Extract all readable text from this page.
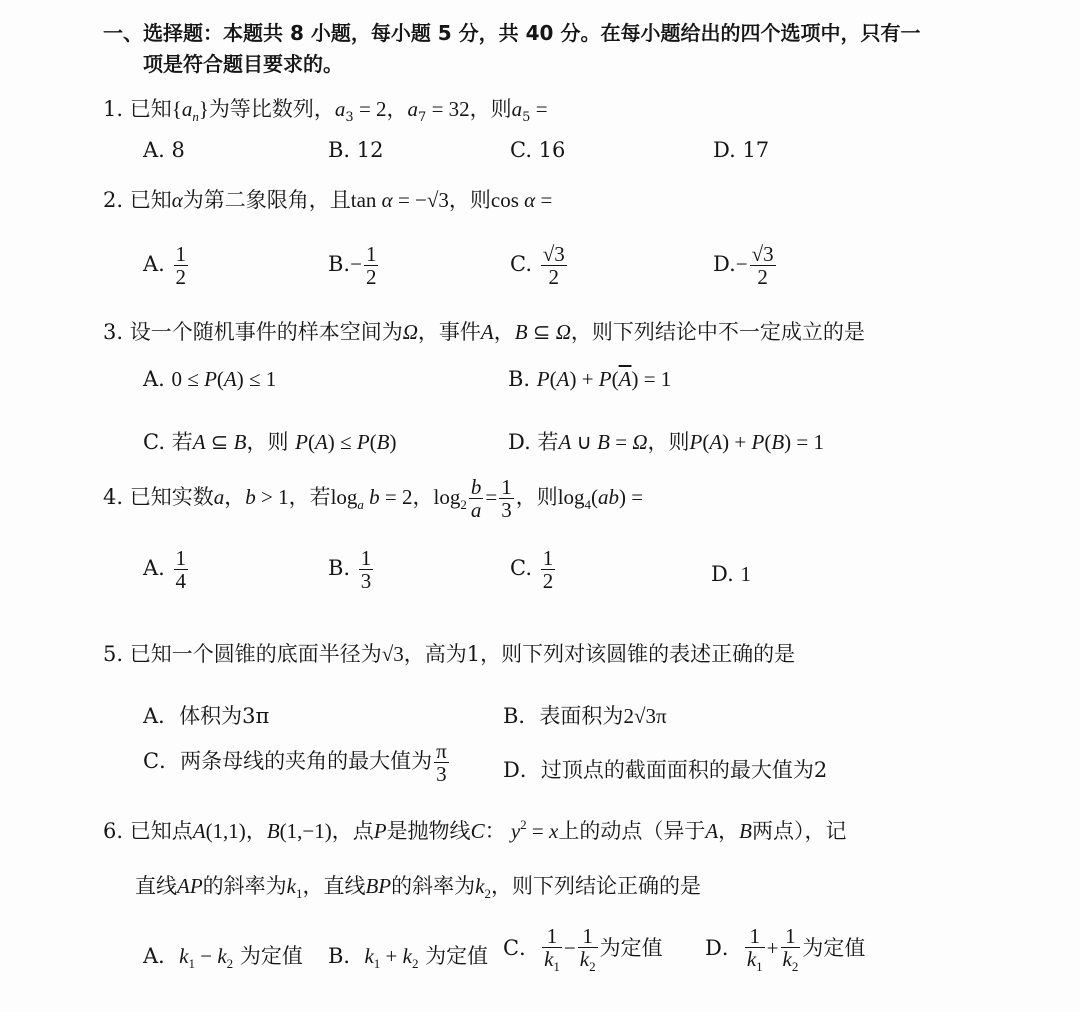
一、选择题：本题共 8 小题，每小题 5 分，共 40 分。在每小题给出的四个选项中，只有一
项是符合题目要求的。
1. 已知$\{a_n\}$为等比数列，$a_3 = 2$，$a_7 = 32$，则$a_5$ =
A. 8	B. 12	C. 16	D. 17
2. 已知α为第二象限角，且tan α = −√3，则cos α =
A. $\frac{1}{2}$	$B.- \frac{1}{2}$	C. $\frac{√3}{2}$	$D.- \frac{√3}{2}$
3. 设一个随机事件的样本空间为Ω，事件A，B ⊆ Ω，则下列结论中不一定成立的是
A. 0 ≤ P(A) ≤ 1	B. $P(A) + P(\overline{A}) = 1$
C. 若A ⊆ B，则 P(A) ≤ P(B)	D. 若A ∪ B = Ω，则P(A) + P(B) = 1
4. 已知实数a，b > 1，若$\log_a b = 2$，$\log_2 \frac{b}{a} = \frac{1}{3}$ ，则$\log_4(ab)$ =
A. $\frac{1}{4}$	B. $\frac{1}{3}$	C. $\frac{1}{2}$	D. 1
5. 已知一个圆锥的底面半径为√3，高为1，则下列对该圆锥的表述正确的是
A．体积为3π	B．表面积为2√3π
C．两条母线的夹角的最大值为 $\frac{\pi}{3}$	D．过顶点的截面面积的最大值为2
6. 已知点A(1,1)，B(1,−1)，点P是抛物线C： $y^2 = x$上的动点（异于A，B两点），记
直线AP的斜率为$k_1$，直线BP的斜率为$k_2$，则下列结论正确的是
A．$k_1 - k_2$ 为定值 B．$k_1 + k_2$ 为定值 C． $\frac{1}{k_1} - \frac{1}{k_2}$ 为定值 D． $\frac{1}{k_1} + \frac{1}{k_2}$ 为定值
